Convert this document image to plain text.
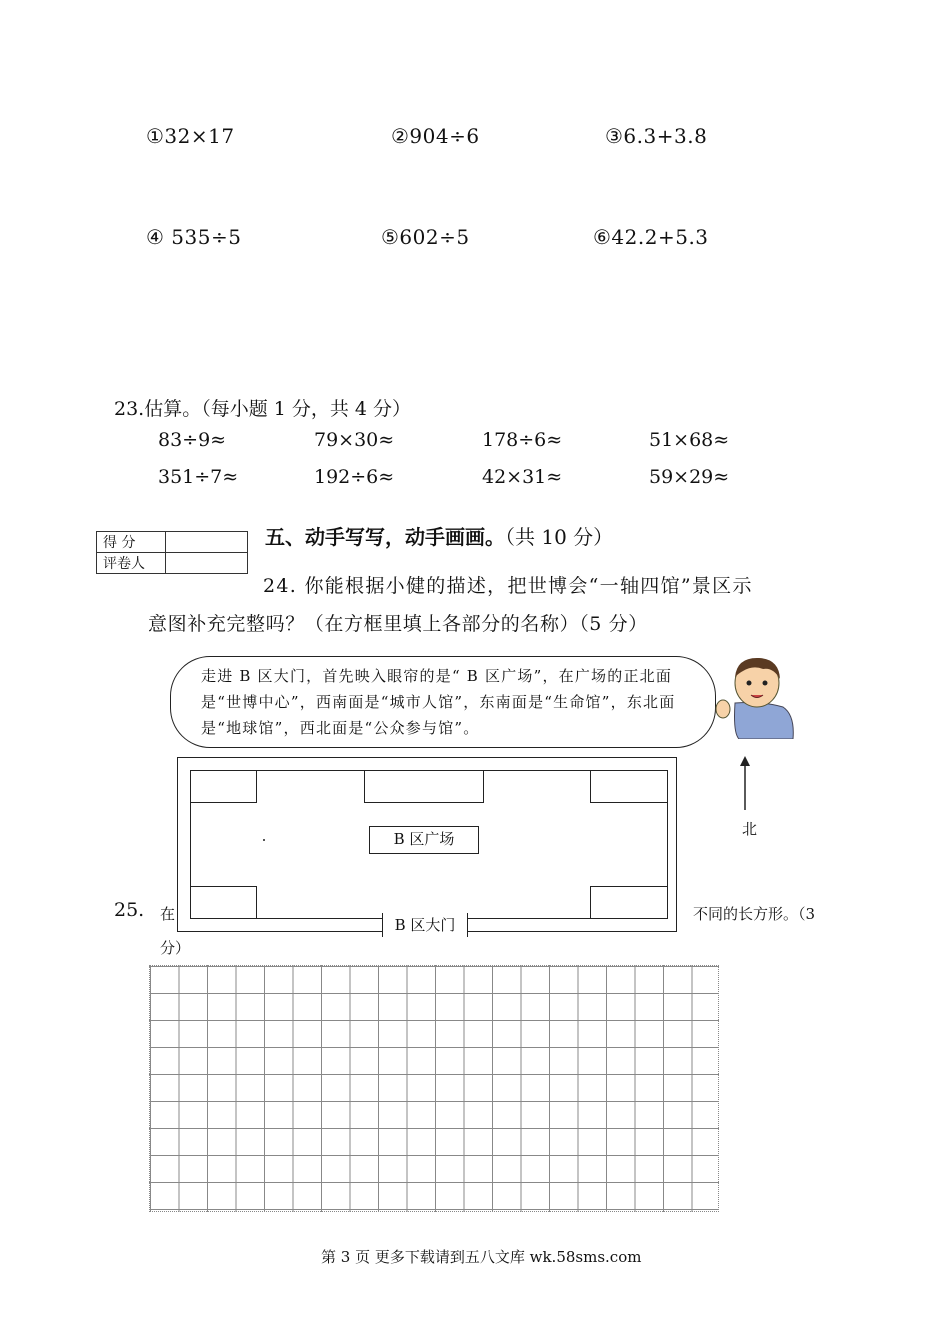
①32×17	②904÷6	③6.3+3.8
④ 535÷5	⑤602÷5	⑥42.2+5.3
23.估算。（每小题 1 分，共 4 分）
83÷9≈	79×30≈	178÷6≈	51×68≈
351÷7≈	192÷6≈	42×31≈	59×29≈
得 分	
评卷人	
五、动手写写，动手画画。（共 10 分）
24. 你能根据小健的描述，把世博会“一轴四馆”景区示
意图补充完整吗？（在方框里填上各部分的名称）（5 分）
走进 B 区大门，首先映入眼帘的是“ B 区广场”，在广场的正北面是“世博中心”，西南面是“城市人馆”，东南面是“生命馆”，东北面是“地球馆”，西北面是“公众参与馆”。
北
25. 在	不同的长方形。（3
分）
B 区广场
B 区大门
第 3 页 更多下载请到五八文库 wk.58sms.com
